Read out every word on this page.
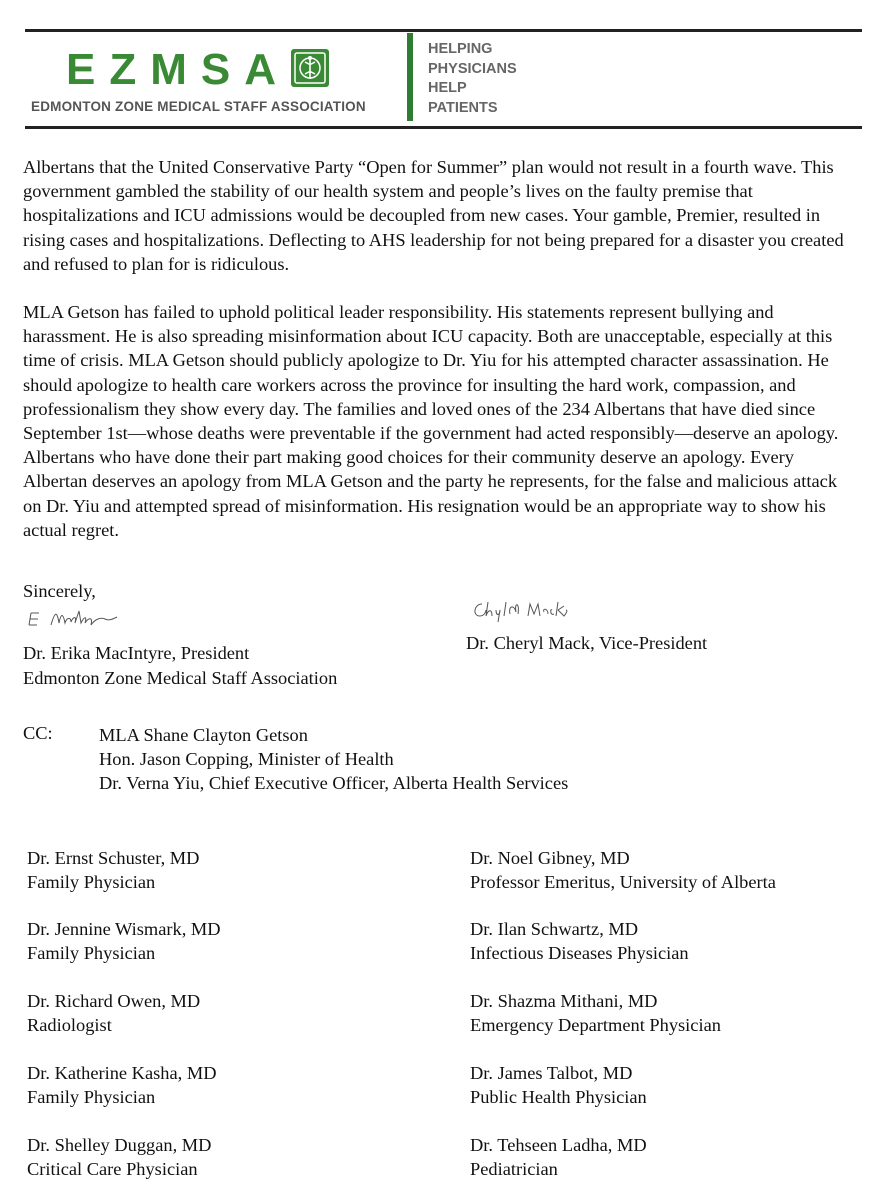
EZMSA
EDMONTON ZONE MEDICAL STAFF ASSOCIATION
HELPING
PHYSICIANS
HELP
PATIENTS

Albertans that the United Conservative Party “Open for Summer” plan would not result in a fourth wave. This government gambled the stability of our health system and people’s lives on the faulty premise that hospitalizations and ICU admissions would be decoupled from new cases. Your gamble, Premier, resulted in rising cases and hospitalizations. Deflecting to AHS leadership for not being prepared for a disaster you created and refused to plan for is ridiculous.

MLA Getson has failed to uphold political leader responsibility. His statements represent bullying and harassment. He is also spreading misinformation about ICU capacity. Both are unacceptable, especially at this time of crisis. MLA Getson should publicly apologize to Dr. Yiu for his attempted character assassination. He should apologize to health care workers across the province for insulting the hard work, compassion, and professionalism they show every day. The families and loved ones of the 234 Albertans that have died since September 1st—whose deaths were preventable if the government had acted responsibly—deserve an apology. Albertans who have done their part making good choices for their community deserve an apology. Every Albertan deserves an apology from MLA Getson and the party he represents, for the false and malicious attack on Dr. Yiu and attempted spread of misinformation. His resignation would be an appropriate way to show his actual regret.

Sincerely,
Dr. Erika MacIntyre, President
Edmonton Zone Medical Staff Association
Dr. Cheryl Mack, Vice-President
CC:	MLA Shane Clayton Getson
Hon. Jason Copping, Minister of Health
Dr. Verna Yiu, Chief Executive Officer, Alberta Health Services
Dr. Ernst Schuster, MD
Family Physician
Dr. Noel Gibney, MD
Professor Emeritus, University of Alberta
Dr. Jennine Wismark, MD
Family Physician
Dr. Ilan Schwartz, MD
Infectious Diseases Physician
Dr. Richard Owen, MD
Radiologist
Dr. Shazma Mithani, MD
Emergency Department Physician
Dr. Katherine Kasha, MD
Family Physician
Dr. James Talbot, MD
Public Health Physician
Dr. Shelley Duggan, MD
Critical Care Physician
Dr. Tehseen Ladha, MD
Pediatrician
